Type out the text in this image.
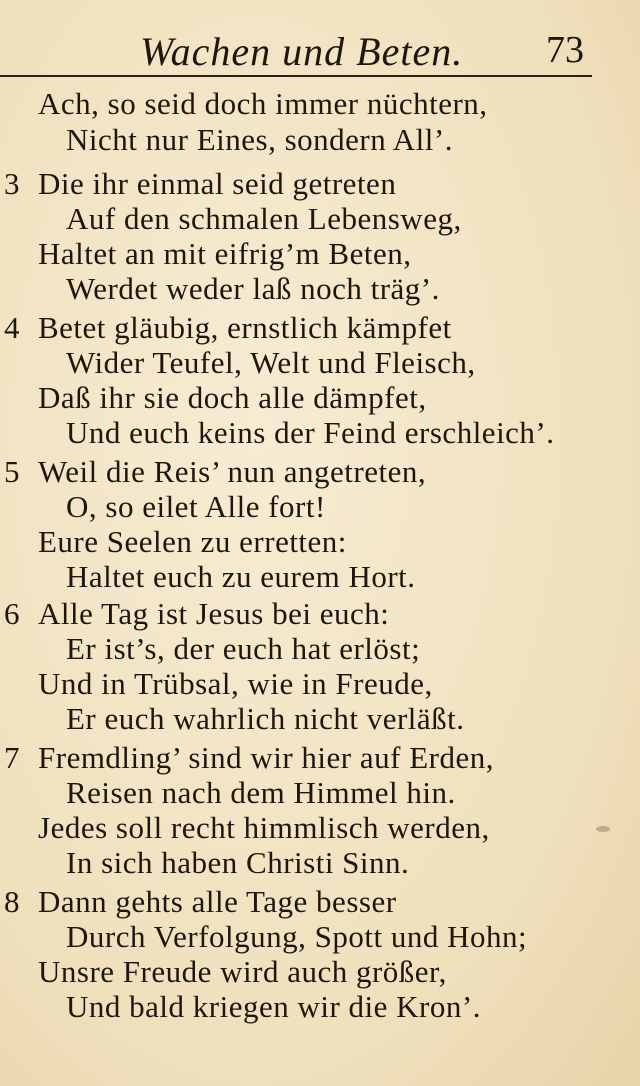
Wachen und Beten. 73
Ach, so seid doch immer nüchtern,
Nicht nur Eines, sondern All’.
3 Die ihr einmal seid getreten
Auf den schmalen Lebensweg,
Haltet an mit eifrig’m Beten,
Werdet weder laß noch träg’.
4 Betet gläubig, ernstlich kämpfet
Wider Teufel, Welt und Fleisch,
Daß ihr sie doch alle dämpfet,
Und euch keins der Feind erschleich’.
5 Weil die Reis’ nun angetreten,
O, so eilet Alle fort!
Eure Seelen zu erretten:
Haltet euch zu eurem Hort.
6 Alle Tag ist Jesus bei euch:
Er ist’s, der euch hat erlöst;
Und in Trübsal, wie in Freude,
Er euch wahrlich nicht verläßt.
7 Fremdling’ sind wir hier auf Erden,
Reisen nach dem Himmel hin.
Jedes soll recht himmlisch werden,
In sich haben Christi Sinn.
8 Dann gehts alle Tage besser
Durch Verfolgung, Spott und Hohn;
Unsre Freude wird auch größer,
Und bald kriegen wir die Kron’.
